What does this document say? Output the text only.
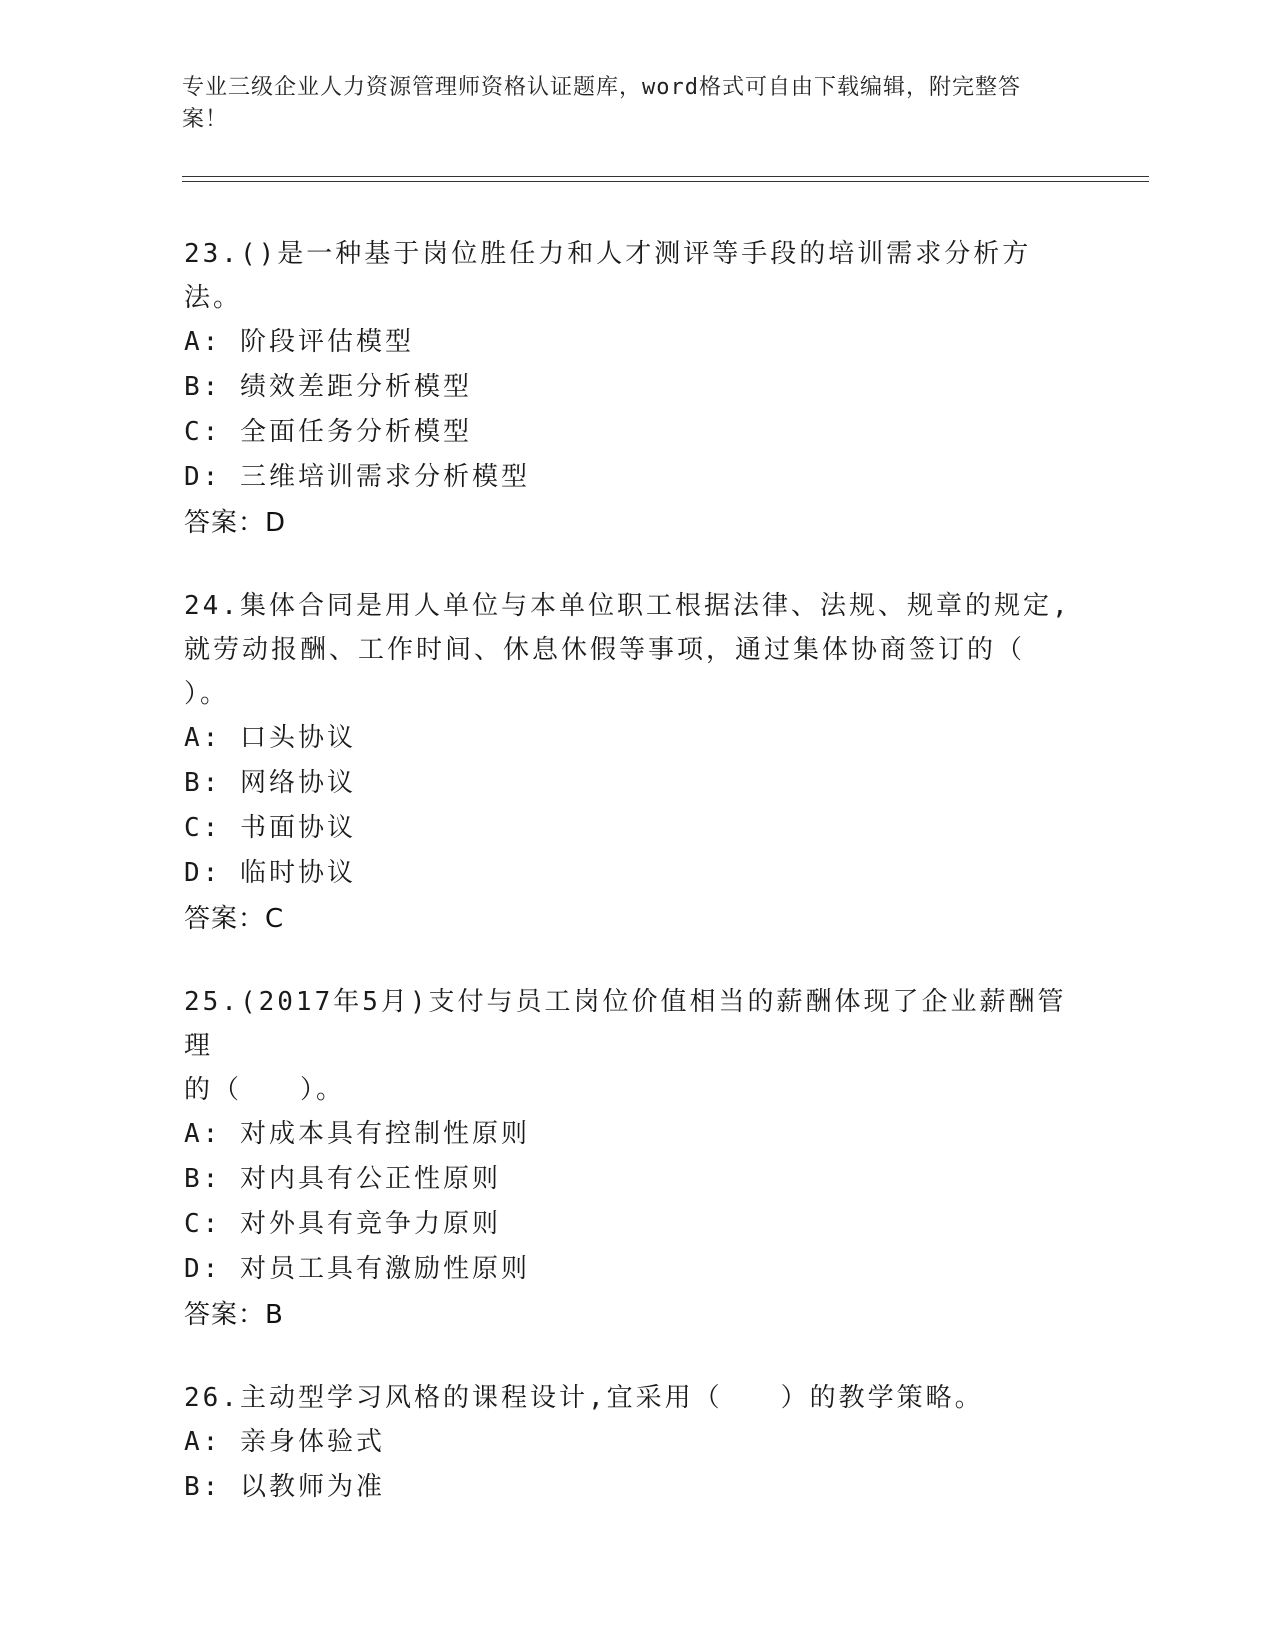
专业三级企业人力资源管理师资格认证题库，word格式可自由下载编辑，附完整答案！

23.()是一种基于岗位胜任力和人才测评等手段的培训需求分析方法。

A: 阶段评估模型

B: 绩效差距分析模型

C: 全面任务分析模型

D: 三维培训需求分析模型

答案：D

24.集体合同是用人单位与本单位职工根据法律、法规、规章的规定,

就劳动报酬、工作时间、休息休假等事项，通过集体协商签订的（

）。

A: 口头协议

B: 网络协议

C: 书面协议

D: 临时协议

答案：C

25.(2017年5月)支付与员工岗位价值相当的薪酬体现了企业薪酬管理

的（　　）。

A: 对成本具有控制性原则

B: 对内具有公正性原则

C: 对外具有竞争力原则

D: 对员工具有激励性原则

答案：B

26.主动型学习风格的课程设计,宜采用（　　）的教学策略。

A: 亲身体验式

B: 以教师为准
